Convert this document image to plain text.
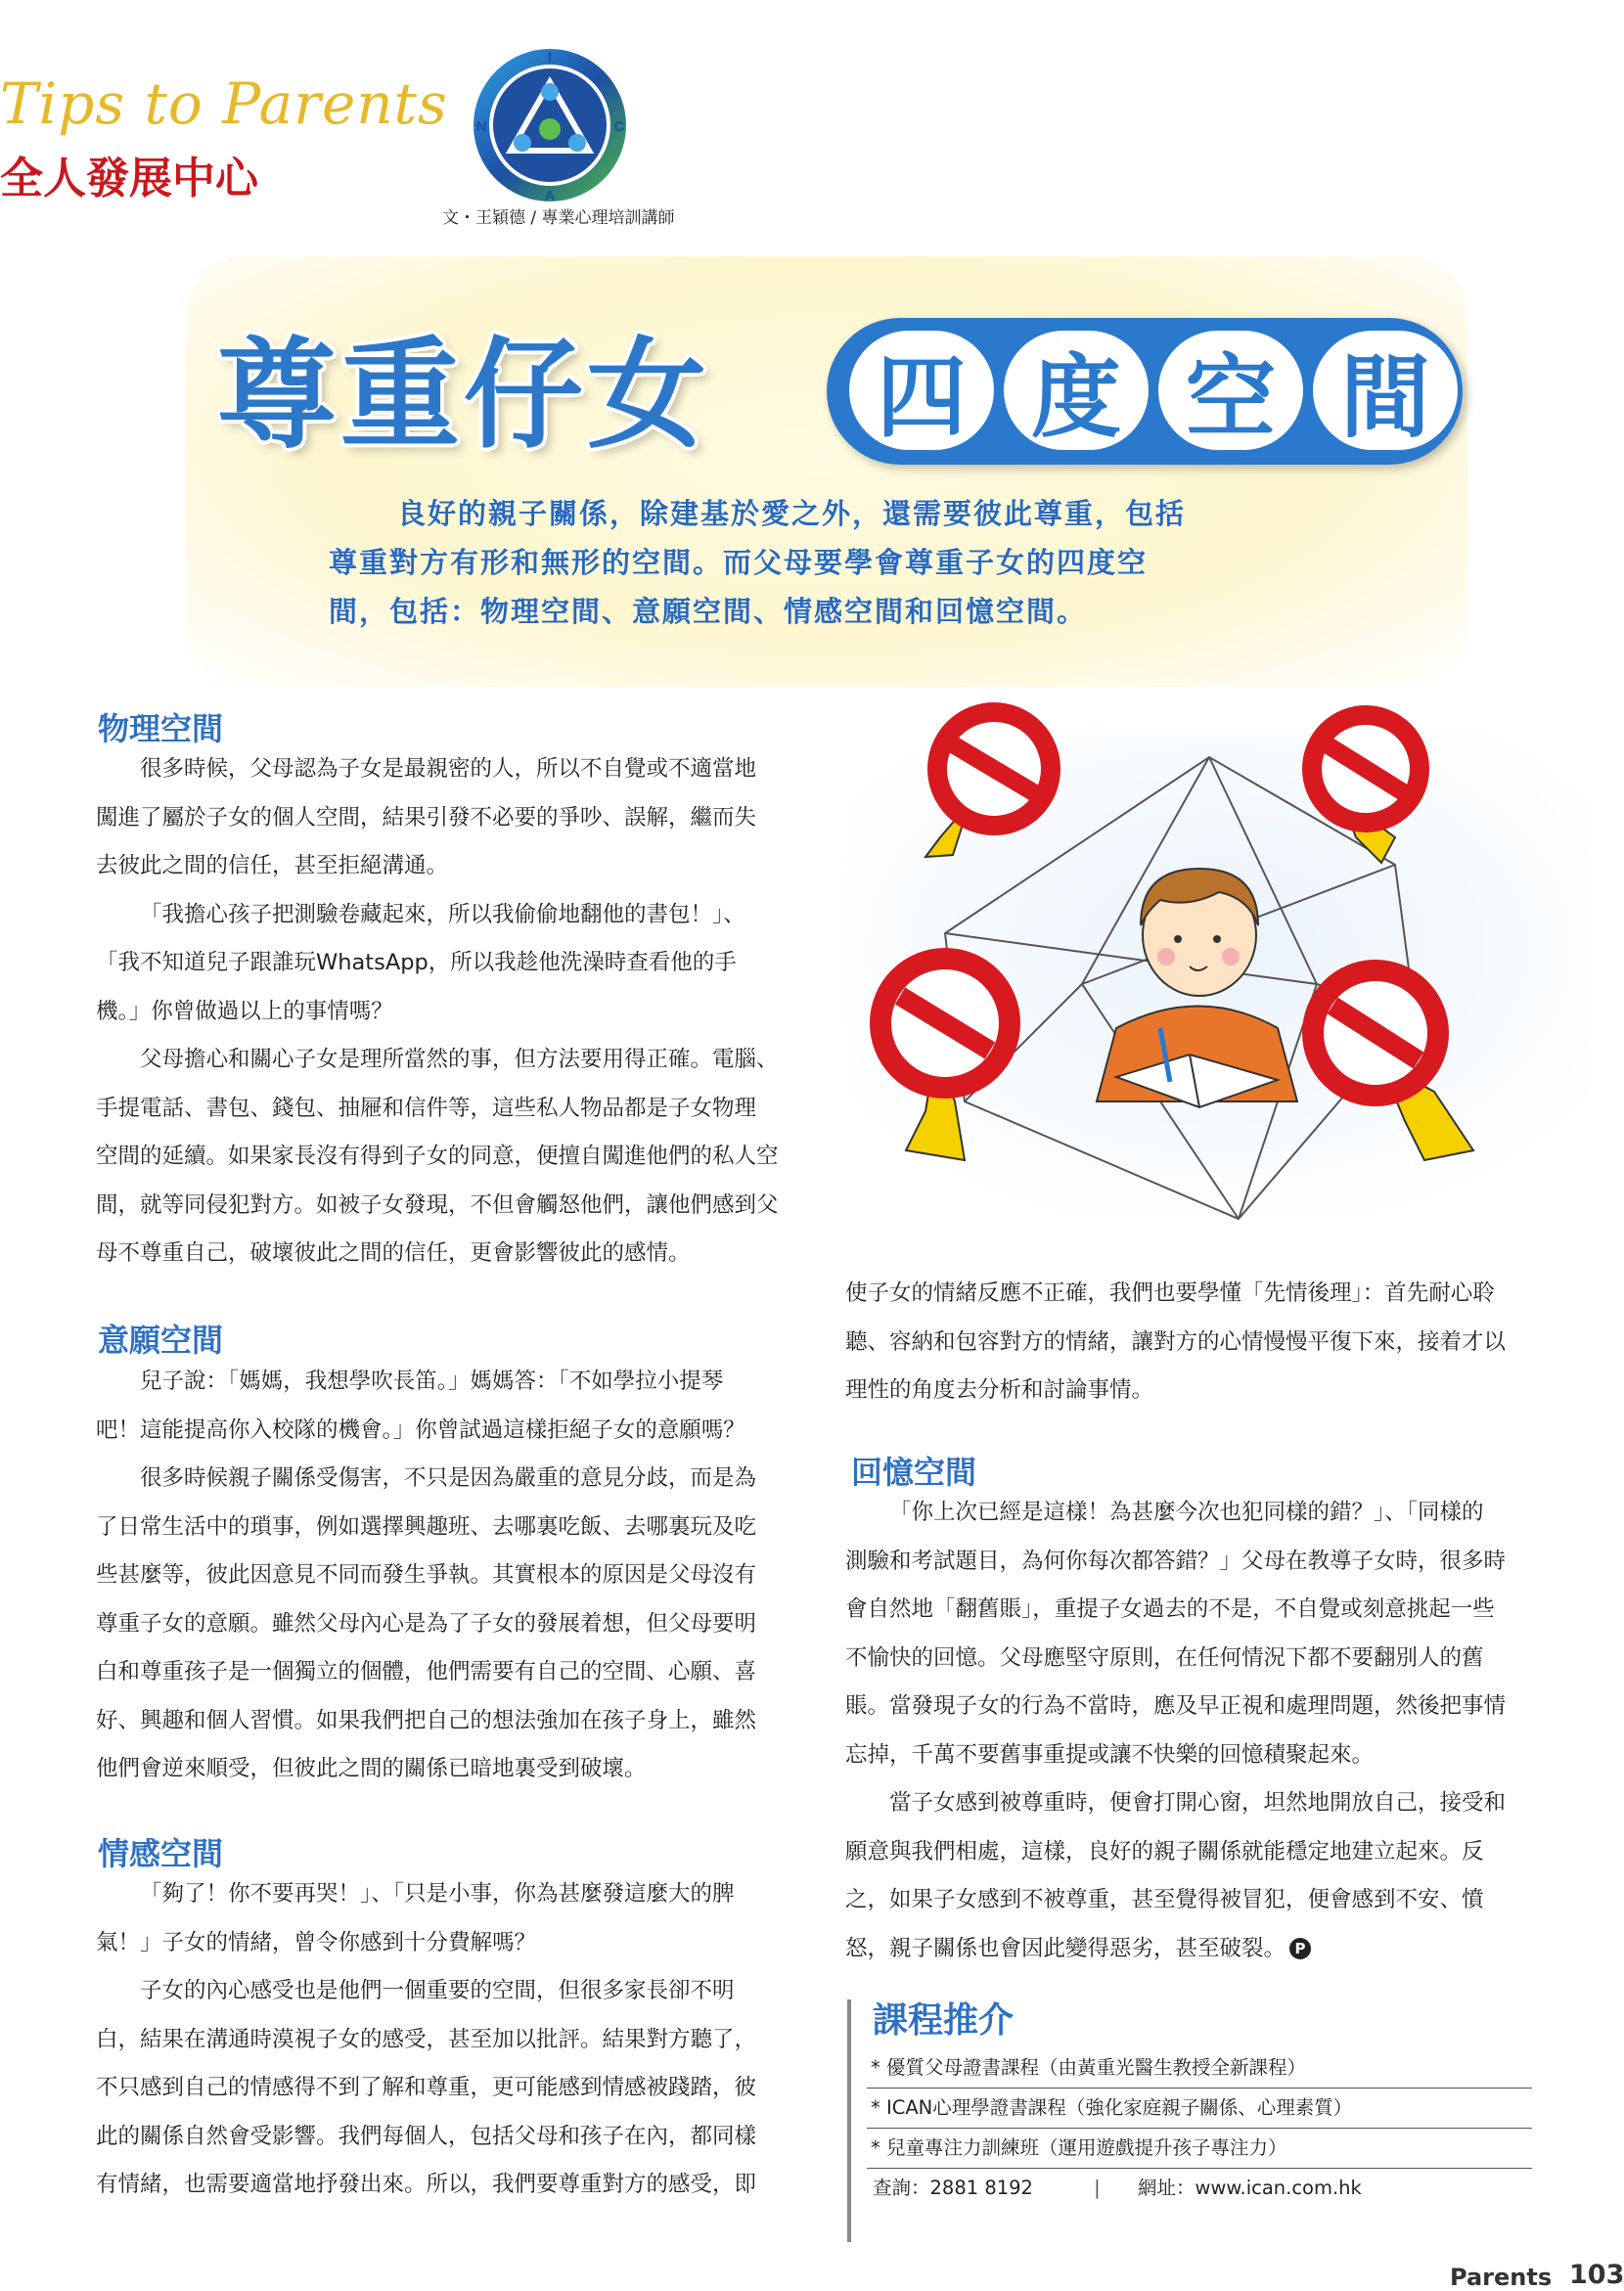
Tips to Parents
全人發展中心
I
N	C
A
文・王穎德 / 專業心理培訓講師
尊重仔女	四 度 空 間
良好的親子關係，除建基於愛之外，還需要彼此尊重，包括
尊重對方有形和無形的空間。而父母要學會尊重子女的四度空
間，包括：物理空間、意願空間、情感空間和回憶空間。
物理空間
很多時候，父母認為子女是最親密的人，所以不自覺或不適當地
闖進了屬於子女的個人空間，結果引發不必要的爭吵、誤解，繼而失
去彼此之間的信任，甚至拒絕溝通。
「我擔心孩子把測驗卷藏起來，所以我偷偷地翻他的書包！」、
「我不知道兒子跟誰玩WhatsApp，所以我趁他洗澡時查看他的手
機。」你曾做過以上的事情嗎？
父母擔心和關心子女是理所當然的事，但方法要用得正確。電腦、
手提電話、書包、錢包、抽屜和信件等，這些私人物品都是子女物理
空間的延續。如果家長沒有得到子女的同意，便擅自闖進他們的私人空
間，就等同侵犯對方。如被子女發現，不但會觸怒他們，讓他們感到父
母不尊重自己，破壞彼此之間的信任，更會影響彼此的感情。
意願空間
兒子說：「媽媽，我想學吹長笛。」媽媽答：「不如學拉小提琴
吧！這能提高你入校隊的機會。」你曾試過這樣拒絕子女的意願嗎？
很多時候親子關係受傷害，不只是因為嚴重的意見分歧，而是為
了日常生活中的瑣事，例如選擇興趣班、去哪裏吃飯、去哪裏玩及吃
些甚麼等，彼此因意見不同而發生爭執。其實根本的原因是父母沒有
尊重子女的意願。雖然父母內心是為了子女的發展着想，但父母要明
白和尊重孩子是一個獨立的個體，他們需要有自己的空間、心願、喜
好、興趣和個人習慣。如果我們把自己的想法強加在孩子身上，雖然
他們會逆來順受，但彼此之間的關係已暗地裏受到破壞。
情感空間
「夠了！你不要再哭！」、「只是小事，你為甚麼發這麼大的脾
氣！」子女的情緒，曾令你感到十分費解嗎？
子女的內心感受也是他們一個重要的空間，但很多家長卻不明
白，結果在溝通時漠視子女的感受，甚至加以批評。結果對方聽了，
不只感到自己的情感得不到了解和尊重，更可能感到情感被踐踏，彼
此的關係自然會受影響。我們每個人，包括父母和孩子在內，都同樣
有情緒，也需要適當地抒發出來。所以，我們要尊重對方的感受，即
使子女的情緒反應不正確，我們也要學懂「先情後理」：首先耐心聆
聽、容納和包容對方的情緒，讓對方的心情慢慢平復下來，接着才以
理性的角度去分析和討論事情。
回憶空間
「你上次已經是這樣！為甚麼今次也犯同樣的錯？」、「同樣的
測驗和考試題目，為何你每次都答錯？」父母在教導子女時，很多時
會自然地「翻舊賬」，重提子女過去的不是，不自覺或刻意挑起一些
不愉快的回憶。父母應堅守原則，在任何情況下都不要翻別人的舊
賬。當發現子女的行為不當時，應及早正視和處理問題，然後把事情
忘掉，千萬不要舊事重提或讓不快樂的回憶積聚起來。
當子女感到被尊重時，便會打開心窗，坦然地開放自己，接受和
願意與我們相處，這樣，良好的親子關係就能穩定地建立起來。反
之，如果子女感到不被尊重，甚至覺得被冒犯，便會感到不安、憤
怒，親子關係也會因此變得惡劣，甚至破裂。 P
課程推介
* 優質父母證書課程（由黃重光醫生教授全新課程）
* ICAN心理學證書課程（強化家庭親子關係、心理素質）
* 兒童專注力訓練班（運用遊戲提升孩子專注力）
查詢：2881 8192	| 網址：www.ican.com.hk
Parents 103
